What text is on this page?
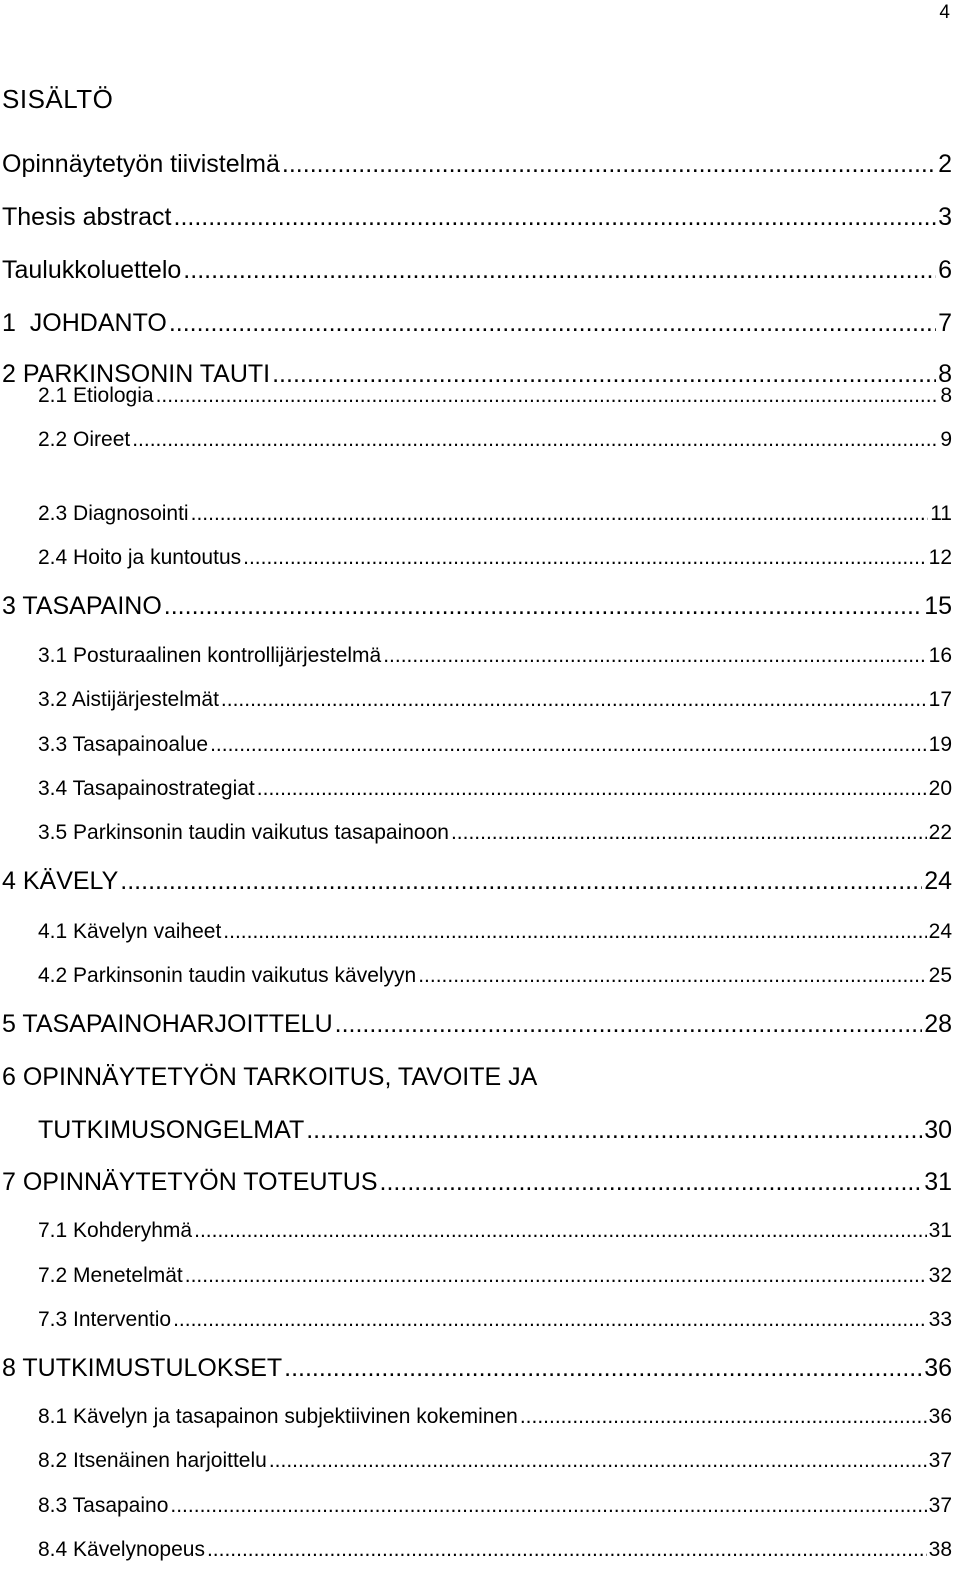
4
SISÄLTÖ
Opinnäytetyön tiivistelmä .....	2
Thesis abstract .....	3
Taulukkoluettelo .....	6
1  JOHDANTO .....	7
2 PARKINSONIN TAUTI .....	8
2.1 Etiologia .....	8
2.2 Oireet .....	9
2.3 Diagnosointi .....	11
2.4 Hoito ja kuntoutus .....	12
3 TASAPAINO .....	15
3.1 Posturaalinen kontrollijärjestelmä .....	16
3.2 Aistijärjestelmät .....	17
3.3 Tasapainoalue .....	19
3.4 Tasapainostrategiat .....	20
3.5 Parkinsonin taudin vaikutus tasapainoon .....	22
4 KÄVELY .....	24
4.1 Kävelyn vaiheet .....	24
4.2 Parkinsonin taudin vaikutus kävelyyn .....	25
5 TASAPAINOHARJOITTELU .....	28
6 OPINNÄYTETYÖN TARKOITUS, TAVOITE JA
TUTKIMUSONGELMAT .....	30
7 OPINNÄYTETYÖN TOTEUTUS .....	31
7.1 Kohderyhmä .....	31
7.2 Menetelmät .....	32
7.3 Interventio .....	33
8 TUTKIMUSTULOKSET .....	36
8.1 Kävelyn ja tasapainon subjektiivinen kokeminen .....	36
8.2 Itsenäinen harjoittelu .....	37
8.3 Tasapaino .....	37
8.4 Kävelynopeus .....	38
